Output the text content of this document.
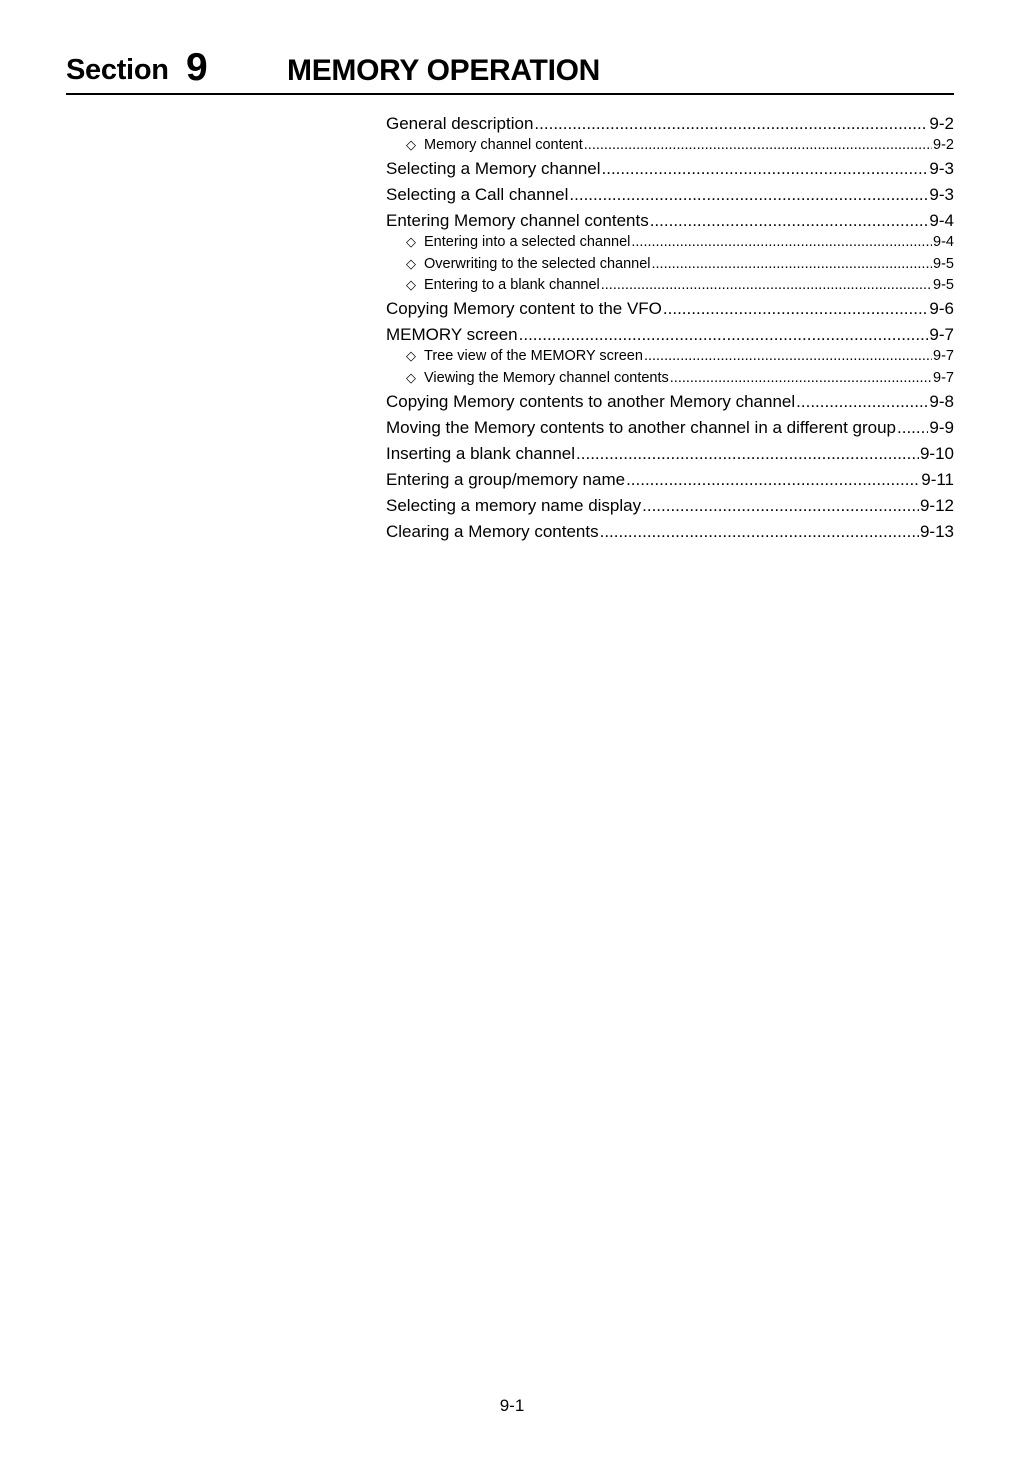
Section 9	MEMORY OPERATION
General description .....	9-2
◇ Memory channel content .....	9-2
Selecting a Memory channel .....	9-3
Selecting a Call channel .....	9-3
Entering Memory channel contents .....	9-4
◇ Entering into a selected channel .....	9-4
◇ Overwriting to the selected channel .....	9-5
◇ Entering to a blank channel .....	9-5
Copying Memory content to the VFO .....	9-6
MEMORY screen .....	9-7
◇ Tree view of the MEMORY screen .....	9-7
◇ Viewing the Memory channel contents .....	9-7
Copying Memory contents to another Memory channel .....	9-8
Moving the Memory contents to another channel in a different group ..... 9-9
Inserting a blank channel .....	9-10
Entering a group/memory name .....	9-11
Selecting a memory name display .....	9-12
Clearing a Memory contents .....	9-13
9-1
